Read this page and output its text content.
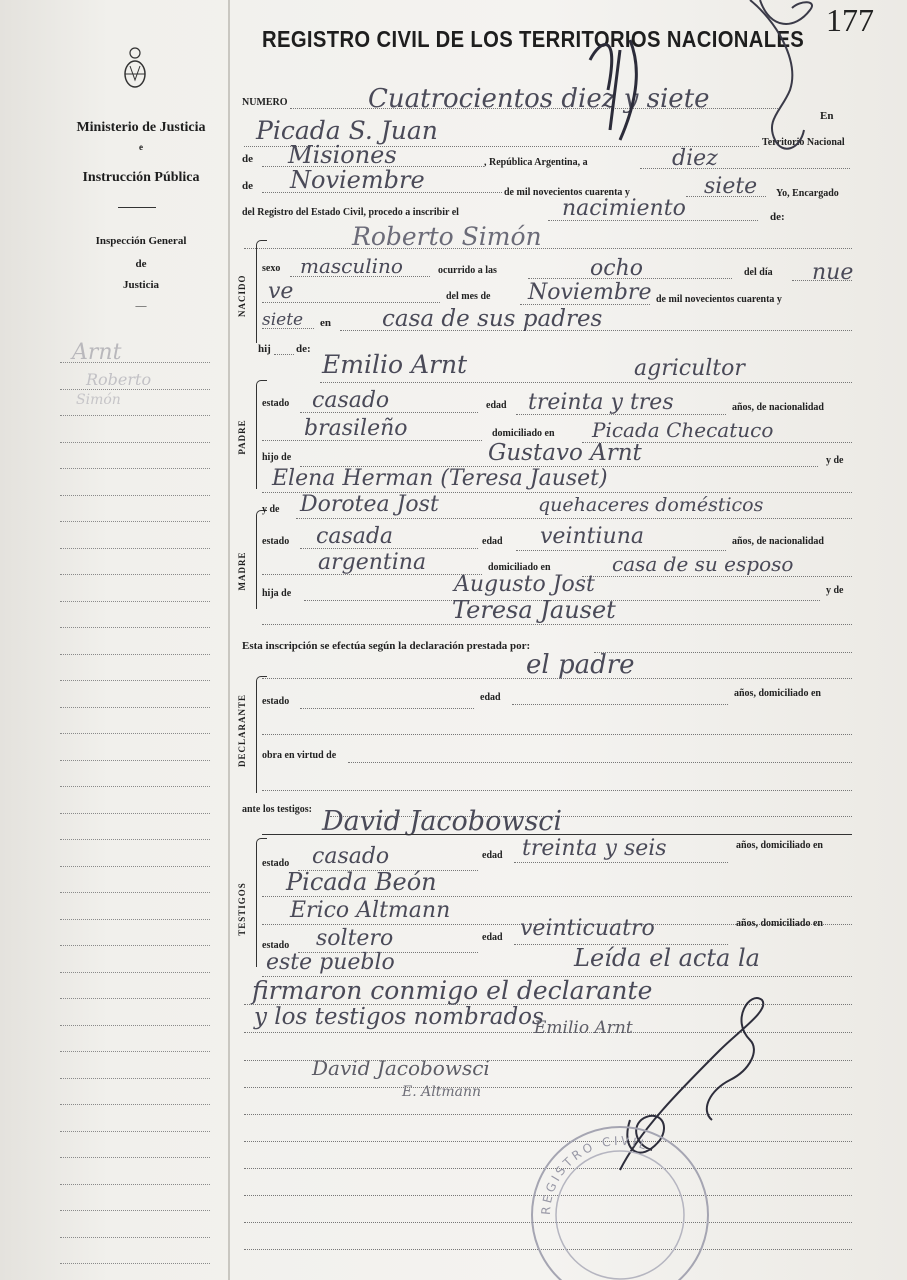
177
REGISTRO CIVIL DE LOS TERRITORIOS NACIONALES
Ministerio de Justicia
e
Instrucción Pública
Inspección General
de
Justicia
—
Arnt
Roberto
Simón
NUMERO	Cuatrocientos diez y siete
En
Picada S. Juan	Territorio Nacional
de Misiones	, República Argentina, a	diez
de Noviembre	de mil novecientos cuarenta y	siete Yo, Encargado
del Registro del Estado Civil, procedo a inscribir el	nacimiento	de:
Roberto Simón
NACIDO
sexo masculino	ocurrido a las	ocho	del día nue
ve	del mes de Noviembre de mil novecientos cuarenta y
siete en casa de sus padres
hij de:
Emilio Arnt	agricultor
PADRE
estado casado	edad treinta y tres	años, de nacionalidad
brasileño	domiciliado en Picada Checatuco
hijo de	Gustavo Arnt	y de
Elena Herman (Teresa Jauset)
MADRE
y de Dorotea Jost	quehaceres domésticos
estado casada	edad veintiuna	años, de nacionalidad
argentina	domiciliado en	casa de su esposo
hija de	Augusto Jost	y de
Teresa Jauset
Esta inscripción se efectúa según la declaración prestada por:
el padre
DECLARANTE estado	edad	años, domiciliado en
obra en virtud de
ante los testigos: David Jacobowsci
TESTIGOS
estado casado	edad treinta y seis	años, domiciliado en
Picada Beón
Erico Altmann
estado soltero	edad veinticuatro	años, domiciliado en
este pueblo	Leída el acta la
firmaron conmigo el declarante
y los testigos nombrados
Emilio Arnt
David Jacobowsci
E. Altmann
REGISTRO CIVIL
